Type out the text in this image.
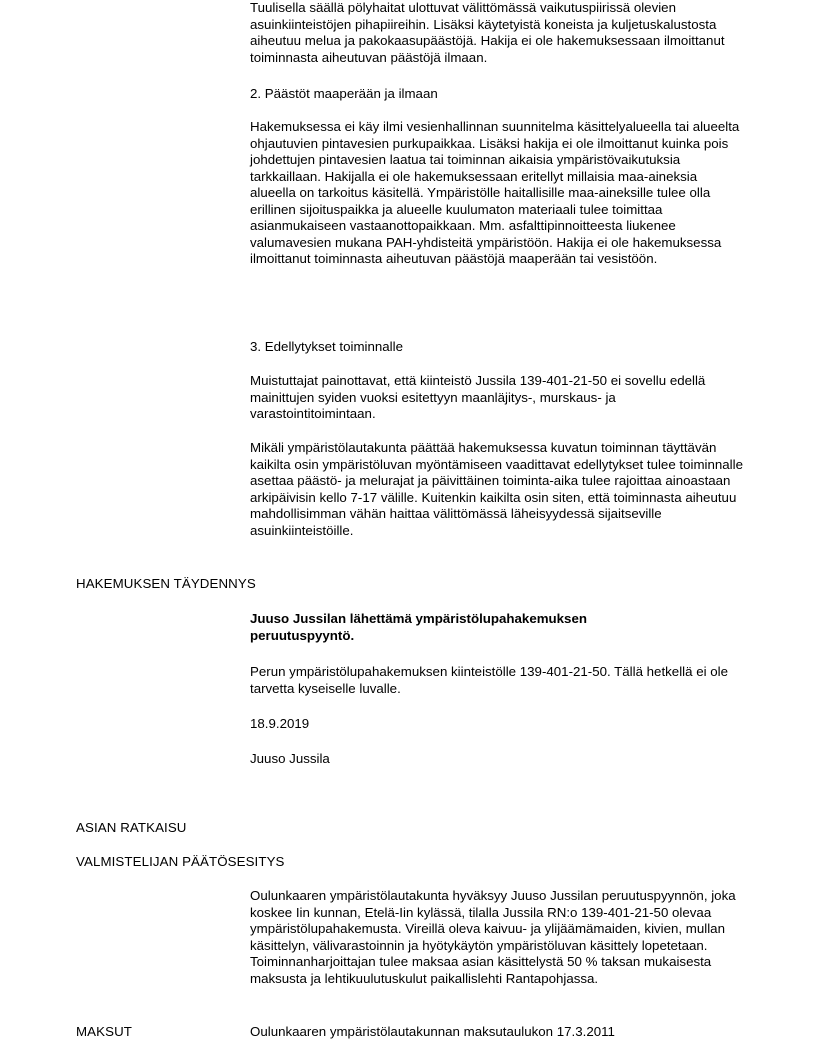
Tuulisella säällä pölyhaitat ulottuvat välittömässä vaikutuspiirissä olevien asuinkiinteistöjen pihapiireihin. Lisäksi käytetyistä koneista ja kuljetuskalustosta aiheutuu melua ja pakokaasupäästöjä. Hakija ei ole hakemuksessaan ilmoittanut toiminnasta aiheutuvan päästöjä ilmaan.

2. Päästöt maaperään ja ilmaan

Hakemuksessa ei käy ilmi vesienhallinnan suunnitelma käsittelyalueella tai alueelta ohjautuvien pintavesien purkupaikkaa. Lisäksi hakija ei ole ilmoittanut kuinka pois johdettujen pintavesien laatua tai toiminnan aikaisia ympäristövaikutuksia tarkkaillaan. Hakijalla ei ole hakemuksessaan eritellyt millaisia maa-aineksia alueella on tarkoitus käsitellä. Ympäristölle haitallisille maa-aineksille tulee olla erillinen sijoituspaikka ja alueelle kuulumaton materiaali tulee toimittaa asianmukaiseen vastaanottopaikkaan. Mm. asfalttipinnoitteesta liukenee valumavesien mukana PAH-yhdisteitä ympäristöön. Hakija ei ole hakemuksessa ilmoittanut toiminnasta aiheutuvan päästöjä maaperään tai vesistöön.

3. Edellytykset toiminnalle

Muistuttajat painottavat, että kiinteistö Jussila 139-401-21-50 ei sovellu edellä mainittujen syiden vuoksi esitettyyn maanläjitys-, murskaus- ja varastointitoimintaan.

Mikäli ympäristölautakunta päättää hakemuksessa kuvatun toiminnan täyttävän kaikilta osin ympäristöluvan myöntämiseen vaadittavat edellytykset tulee toiminnalle asettaa päästö- ja melurajat ja päivittäinen toiminta-aika tulee rajoittaa ainoastaan arkipäivisin kello 7-17 välille. Kuitenkin kaikilta osin siten, että toiminnasta aiheutuu mahdollisimman vähän haittaa välittömässä läheisyydessä sijaitseville asuinkiinteistöille.

HAKEMUKSEN TÄYDENNYS

Juuso Jussilan lähettämä ympäristölupahakemuksen peruutuspyyntö.

Perun ympäristölupahakemuksen kiinteistölle 139-401-21-50. Tällä hetkellä ei ole tarvetta kyseiselle luvalle.

18.9.2019

Juuso Jussila

ASIAN RATKAISU

VALMISTELIJAN PÄÄTÖSESITYS

Oulunkaaren ympäristölautakunta hyväksyy Juuso Jussilan peruutuspyynnön, joka koskee Iin kunnan, Etelä-Iin kylässä, tilalla Jussila RN:o 139-401-21-50 olevaa ympäristölupahakemusta. Vireillä oleva kaivuu- ja ylijäämämaiden, kivien, mullan käsittelyn, välivarastoinnin ja hyötykäytön ympäristöluvan käsittely lopetetaan. Toiminnanharjoittajan tulee maksaa asian käsittelystä 50 % taksan mukaisesta maksusta ja lehtikuulutuskulut paikallislehti Rantapohjassa.

MAKSUT	Oulunkaaren ympäristölautakunnan maksutaulukon 17.3.2011
